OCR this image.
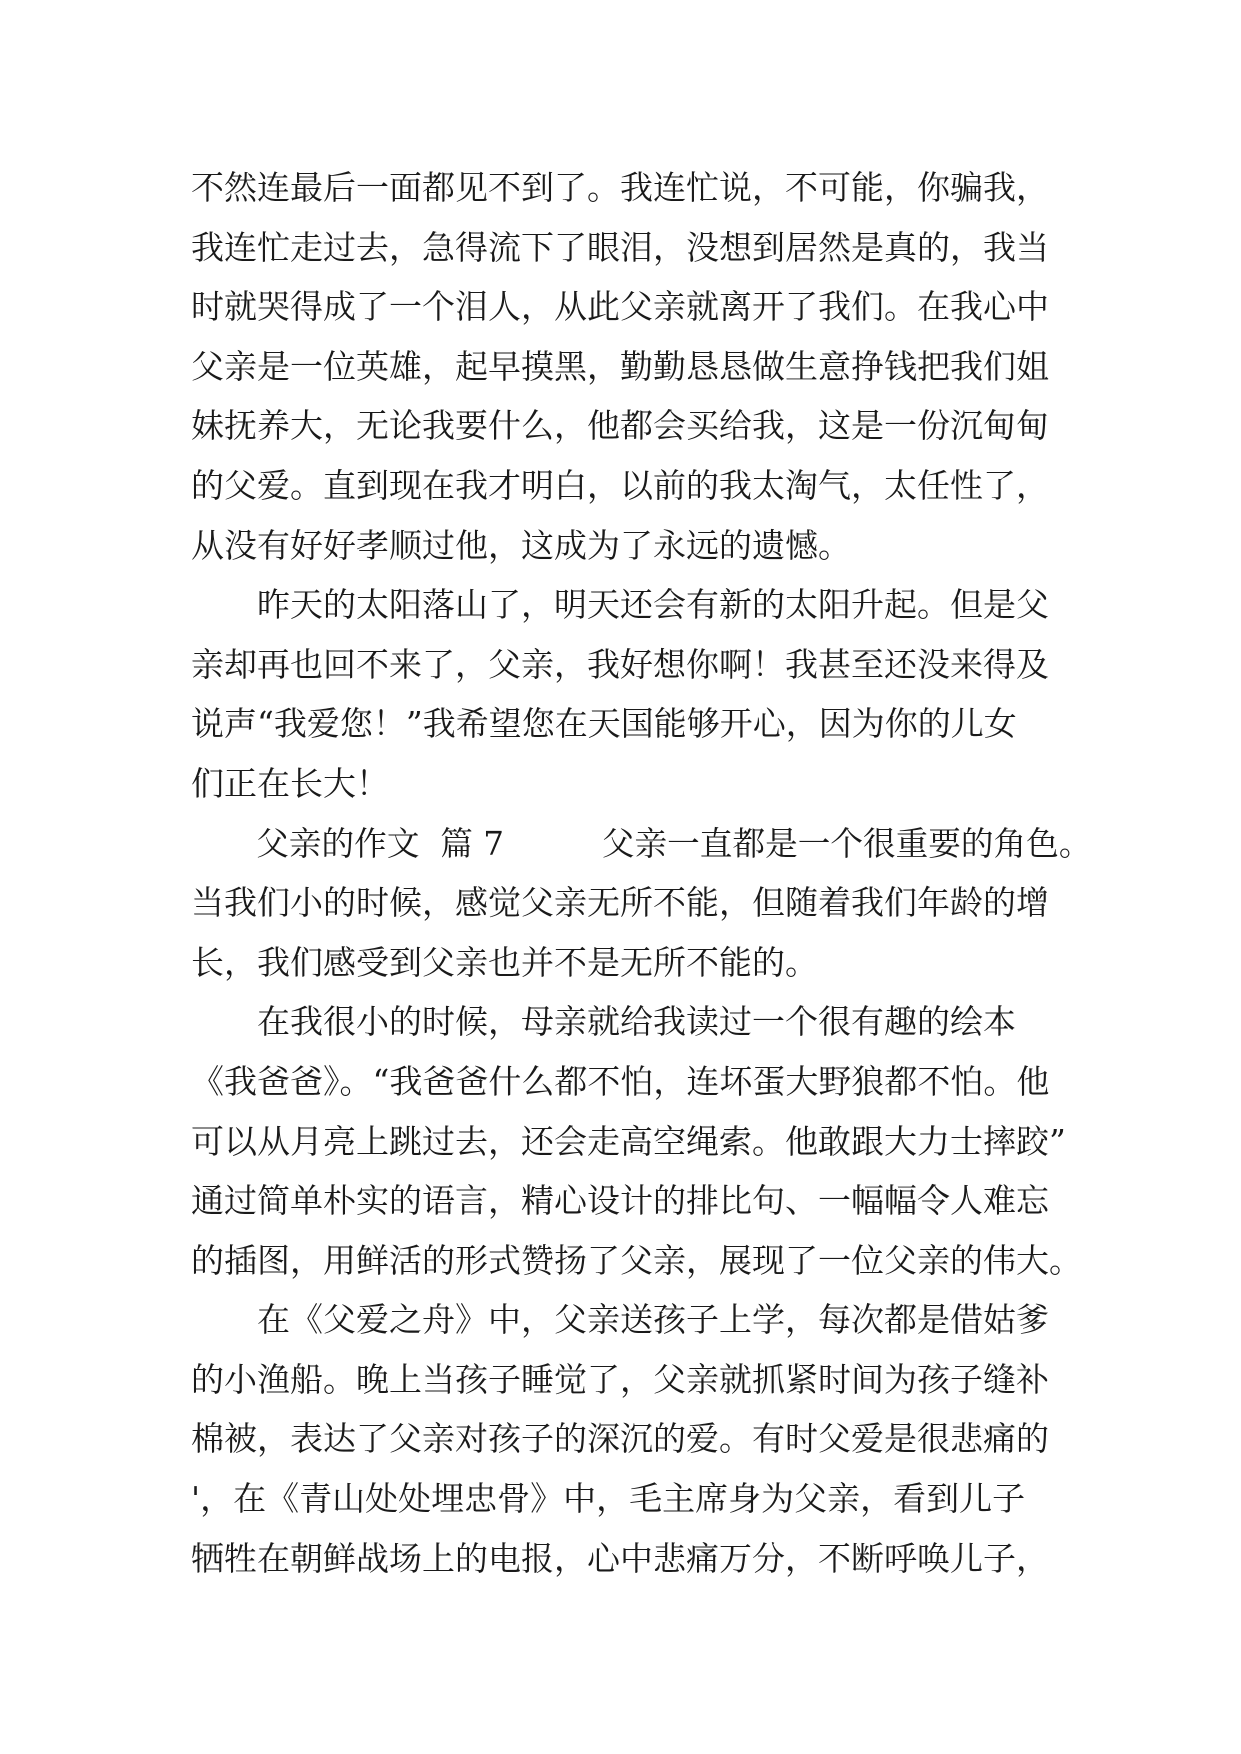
不然连最后一面都见不到了。我连忙说，不可能，你骗我，
我连忙走过去，急得流下了眼泪，没想到居然是真的，我当
时就哭得成了一个泪人，从此父亲就离开了我们。在我心中
父亲是一位英雄，起早摸黑，勤勤恳恳做生意挣钱把我们姐
妹抚养大，无论我要什么，他都会买给我，这是一份沉甸甸
的父爱。直到现在我才明白，以前的我太淘气，太任性了，
从没有好好孝顺过他，这成为了永远的遗憾。
　　昨天的太阳落山了，明天还会有新的太阳升起。但是父
亲却再也回不来了，父亲，我好想你啊！我甚至还没来得及
说声“我爱您！”我希望您在天国能够开心，因为你的儿女
们正在长大！
　　父亲的作文  篇 7　　　父亲一直都是一个很重要的角色。
当我们小的时候，感觉父亲无所不能，但随着我们年龄的增
长，我们感受到父亲也并不是无所不能的。
　　在我很小的时候，母亲就给我读过一个很有趣的绘本
《我爸爸》。“我爸爸什么都不怕，连坏蛋大野狼都不怕。他
可以从月亮上跳过去，还会走高空绳索。他敢跟大力士摔跤”
通过简单朴实的语言，精心设计的排比句、一幅幅令人难忘
的插图，用鲜活的形式赞扬了父亲，展现了一位父亲的伟大。
　　在《父爱之舟》中，父亲送孩子上学，每次都是借姑爹
的小渔船。晚上当孩子睡觉了，父亲就抓紧时间为孩子缝补
棉被，表达了父亲对孩子的深沉的爱。有时父爱是很悲痛的
'，在《青山处处埋忠骨》中，毛主席身为父亲，看到儿子
牺牲在朝鲜战场上的电报，心中悲痛万分，不断呼唤儿子，
